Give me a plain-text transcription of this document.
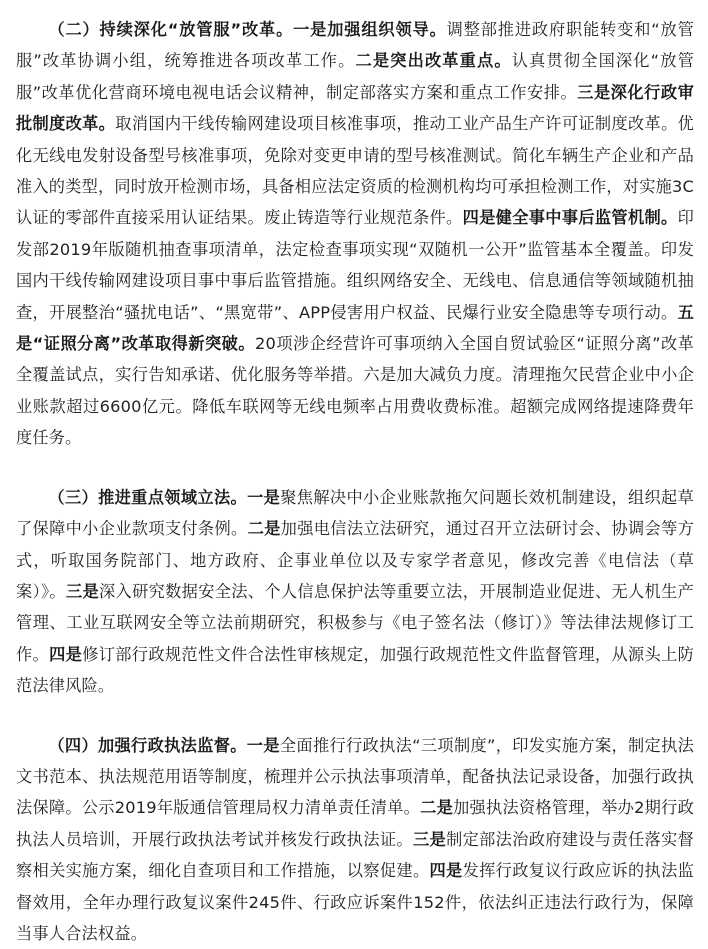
（二）持续深化“放管服”改革。一是加强组织领导。调整部推进政府职能转变和“放管服”改革协调小组，统筹推进各项改革工作。二是突出改革重点。认真贯彻全国深化“放管服”改革优化营商环境电视电话会议精神，制定部落实方案和重点工作安排。三是深化行政审批制度改革。取消国内干线传输网建设项目核准事项，推动工业产品生产许可证制度改革。优化无线电发射设备型号核准事项，免除对变更申请的型号核准测试。简化车辆生产企业和产品准入的类型，同时放开检测市场，具备相应法定资质的检测机构均可承担检测工作，对实施3C认证的零部件直接采用认证结果。废止铸造等行业规范条件。四是健全事中事后监管机制。印发部2019年版随机抽查事项清单，法定检查事项实现“双随机一公开”监管基本全覆盖。印发国内干线传输网建设项目事中事后监管措施。组织网络安全、无线电、信息通信等领域随机抽查，开展整治“骚扰电话”、“黑宽带”、APP侵害用户权益、民爆行业安全隐患等专项行动。五是“证照分离”改革取得新突破。20项涉企经营许可事项纳入全国自贸试验区“证照分离”改革全覆盖试点，实行告知承诺、优化服务等举措。六是加大减负力度。清理拖欠民营企业中小企业账款超过6600亿元。降低车联网等无线电频率占用费收费标准。超额完成网络提速降费年度任务。

（三）推进重点领域立法。一是聚焦解决中小企业账款拖欠问题长效机制建设，组织起草了保障中小企业款项支付条例。二是加强电信法立法研究，通过召开立法研讨会、协调会等方式，听取国务院部门、地方政府、企事业单位以及专家学者意见，修改完善《电信法（草案）》。三是深入研究数据安全法、个人信息保护法等重要立法，开展制造业促进、无人机生产管理、工业互联网安全等立法前期研究，积极参与《电子签名法（修订）》等法律法规修订工作。四是修订部行政规范性文件合法性审核规定，加强行政规范性文件监督管理，从源头上防范法律风险。

（四）加强行政执法监督。一是全面推行行政执法“三项制度”，印发实施方案，制定执法文书范本、执法规范用语等制度，梳理并公示执法事项清单，配备执法记录设备，加强行政执法保障。公示2019年版通信管理局权力清单责任清单。二是加强执法资格管理，举办2期行政执法人员培训，开展行政执法考试并核发行政执法证。三是制定部法治政府建设与责任落实督察相关实施方案，细化自查项目和工作措施，以察促建。四是发挥行政复议行政应诉的执法监督效用，全年办理行政复议案件245件、行政应诉案件152件，依法纠正违法行政行为，保障当事人合法权益。
